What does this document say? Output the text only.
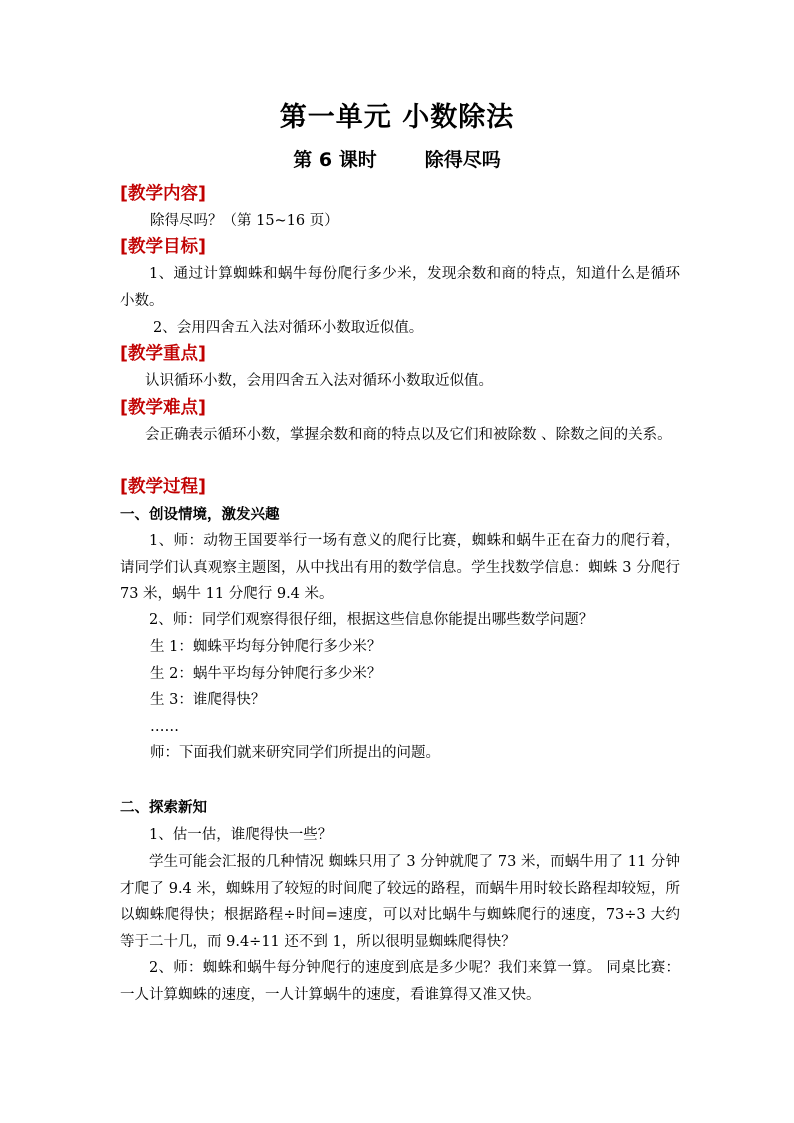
第一单元 小数除法
第 6 课时	除得尽吗
[教学内容]

除得尽吗？（第 15~16 页）

[教学目标]

1、通过计算蜘蛛和蜗牛每份爬行多少米，发现余数和商的特点，知道什么是循环小数。

2、会用四舍五入法对循环小数取近似值。

[教学重点]

认识循环小数，会用四舍五入法对循环小数取近似值。

[教学难点]

会正确表示循环小数，掌握余数和商的特点以及它们和被除数 、除数之间的关系。

[教学过程]
一、创设情境，激发兴趣

1、师：动物王国要举行一场有意义的爬行比赛，蜘蛛和蜗牛正在奋力的爬行着，请同学们认真观察主题图，从中找出有用的数学信息。学生找数学信息：蜘蛛 3 分爬行 73 米，蜗牛 11 分爬行 9.4 米。

2、师：同学们观察得很仔细，根据这些信息你能提出哪些数学问题？

生 1：蜘蛛平均每分钟爬行多少米？

生 2：蜗牛平均每分钟爬行多少米？

生 3：谁爬得快？

……

师：下面我们就来研究同学们所提出的问题。

二、探索新知

1、估一估，谁爬得快一些？

学生可能会汇报的几种情况 蜘蛛只用了 3 分钟就爬了 73 米，而蜗牛用了 11 分钟才爬了 9.4 米，蜘蛛用了较短的时间爬了较远的路程，而蜗牛用时较长路程却较短，所以蜘蛛爬得快；根据路程÷时间=速度，可以对比蜗牛与蜘蛛爬行的速度，73÷3 大约等于二十几，而 9.4÷11 还不到 1，所以很明显蜘蛛爬得快？

2、师：蜘蛛和蜗牛每分钟爬行的速度到底是多少呢？我们来算一算。 同桌比赛：一人计算蜘蛛的速度，一人计算蜗牛的速度，看谁算得又准又快。
